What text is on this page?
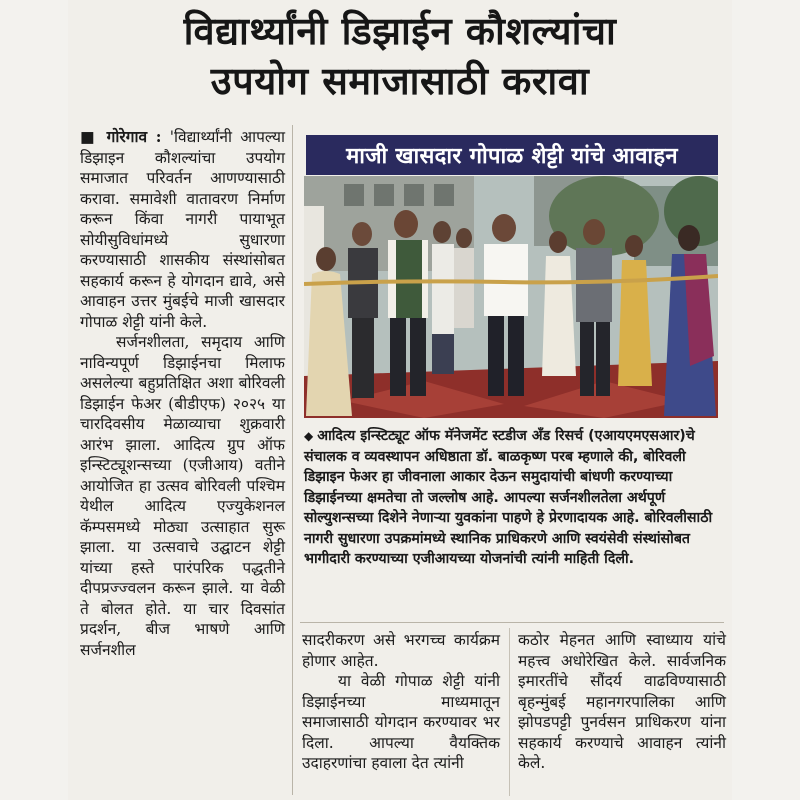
विद्यार्थ्यांनी डिझाईन कौशल्यांचा
उपयोग समाजासाठी करावा

■ गोरेगाव : 'विद्यार्थ्यांनी आपल्या डिझाइन कौशल्यांचा उपयोग समाजात परिवर्तन आणण्यासाठी करावा. समावेशी वातावरण निर्माण करून किंवा नागरी पायाभूत सोयीसुविधांमध्ये सुधारणा करण्यासाठी शासकीय संस्थांसोबत सहकार्य करून हे योगदान द्यावे, असे आवाहन उत्तर मुंबईचे माजी खासदार गोपाळ शेट्टी यांनी केले.

सर्जनशीलता, समृदाय आणि नाविन्यपूर्ण डिझाईनचा मिलाफ असलेल्या बहुप्रतिक्षित अशा बोरिवली डिझाईन फेअर (बीडीएफ) २०२५ या चारदिवसीय मेळाव्याचा शुक्रवारी आरंभ झाला. आदित्य ग्रुप ऑफ इन्स्टिट्यूशन्सच्या (एजीआय) वतीने आयोजित हा उत्सव बोरिवली पश्चिम येथील आदित्य एज्युकेशनल कॅम्पसमध्ये मोठ्या उत्साहात सुरू झाला. या उत्सवाचे उद्घाटन शेट्टी यांच्या हस्ते पारंपरिक पद्धतीने दीपप्रज्ज्वलन करून झाले. या वेळी ते बोलत होते. या चार दिवसांत प्रदर्शन, बीज भाषणे आणि सर्जनशील

माजी खासदार गोपाळ शेट्टी यांचे आवाहन
◆ आदित्य इन्स्टिट्यूट ऑफ मॅनेजमेंट स्टडीज अँड रिसर्च (एआयएमएसआर)चे संचालक व व्यवस्थापन अधिष्ठाता डॉ. बाळकृष्ण परब म्हणाले की, बोरिवली डिझाइन फेअर हा जीवनाला आकार देऊन समुदायांची बांधणी करण्याच्या डिझाईनच्या क्षमतेचा तो जल्लोष आहे. आपल्या सर्जनशीलतेला अर्थपूर्ण सोल्युशन्सच्या दिशेने नेणाऱ्या युवकांना पाहणे हे प्रेरणादायक आहे. बोरिवलीसाठी नागरी सुधारणा उपक्रमांमध्ये स्थानिक प्राधिकरणे आणि स्वयंसेवी संस्थांसोबत भागीदारी करण्याच्या एजीआयच्या योजनांची त्यांनी माहिती दिली.

सादरीकरण असे भरगच्च कार्यक्रम होणार आहेत.

या वेळी गोपाळ शेट्टी यांनी डिझाईनच्या माध्यमातून समाजासाठी योगदान करण्यावर भर दिला. आपल्या वैयक्तिक उदाहरणांचा हवाला देत त्यांनी

कठोर मेहनत आणि स्वाध्याय यांचे महत्त्व अधोरेखित केले. सार्वजनिक इमारतींचे सौंदर्य वाढविण्यासाठी बृहन्मुंबई महानगरपालिका आणि झोपडपट्टी पुनर्वसन प्राधिकरण यांना सहकार्य करण्याचे आवाहन त्यांनी केले.
